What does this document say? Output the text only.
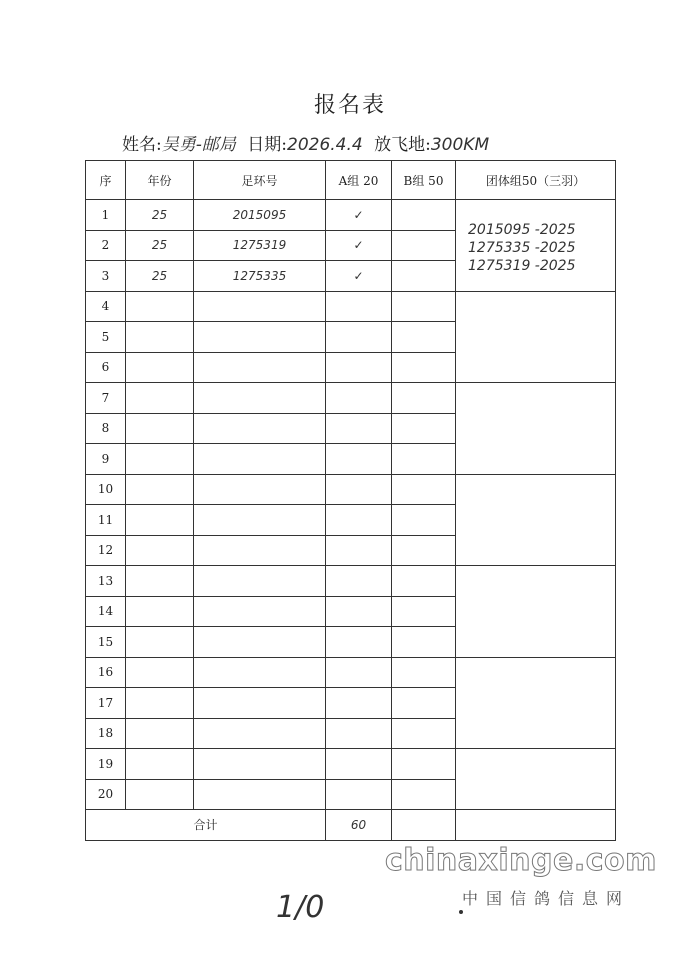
报名表
姓名:吴勇-邮局 日期:2026.4.4 放飞地:300KM
序	年份	足环号	A组 20	B组 50	团体组50（三羽）
1	25	2015095	✓		2015095 -2025
1275335 -2025
1275319 -2025

2	25	1275319	✓		
3	25	1275335	✓		
4					
5					
6					
7					
8					
9					
10					
11					
12					
13					
14					
15					
16					
17					
18					
19					
20					
合计			60		
1/0
chinaxinge.com
中国信鸽信息网
